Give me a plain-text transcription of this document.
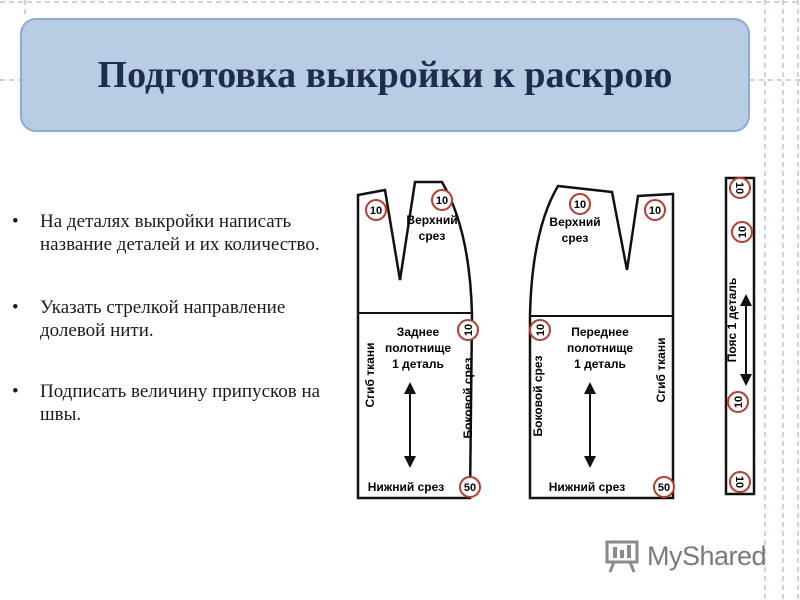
Подготовка выкройки к раскрою
• На деталях выкройки написать название деталей и их количество.
• Указать стрелкой направление долевой нити.
• Подписать величину припусков на швы.
10
10
Верхний
срез
Заднее
полотнище
1 деталь
Сгиб ткани	Боковой срез
10
Нижний срез 50
10	10
Верхний
срез
Переднее
полотнище
1 деталь Сгиб ткани
Боковой срез
10
Нижний срез	50
Пояс 1 деталь
10
10
10
10
MyShared
